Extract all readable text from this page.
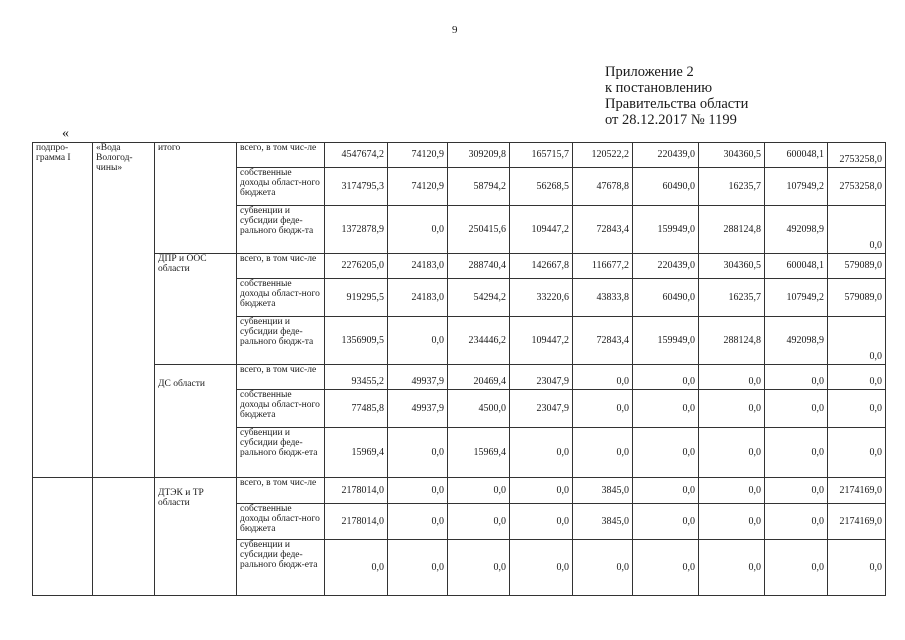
9
Приложение 2
к постановлению
Правительства области
от 28.12.2017 № 1199
«
подпро-грамма I	«Вода Вологод-чины»	итого	всего, в том чис-ле	4547674,2	74120,9	309209,8	165715,7	120522,2	220439,0	304360,5	600048,1	2753258,0
			собственные доходы област-ного бюджета	3174795,3	74120,9	58794,2	56268,5	47678,8	60490,0	16235,7	107949,2	2753258,0
			субвенции и субсидии феде-рального бюдж-та	1372878,9	0,0	250415,6	109447,2	72843,4	159949,0	288124,8	492098,9	0,0
		ДПР и ООС области	всего, в том чис-ле	2276205,0	24183,0	288740,4	142667,8	116677,2	220439,0	304360,5	600048,1	579089,0
			собственные доходы област-ного бюджета	919295,5	24183,0	54294,2	33220,6	43833,8	60490,0	16235,7	107949,2	579089,0
			субвенции и субсидии феде-рального бюдж-та	1356909,5	0,0	234446,2	109447,2	72843,4	159949,0	288124,8	492098,9	0,0
		ДС области	всего, в том чис-ле	93455,2	49937,9	20469,4	23047,9	0,0	0,0	0,0	0,0	0,0
			собственные доходы област-ного бюджета	77485,8	49937,9	4500,0	23047,9	0,0	0,0	0,0	0,0	0,0
			субвенции и субсидии феде-рального бюдж-ета	15969,4	0,0	15969,4	0,0	0,0	0,0	0,0	0,0	0,0
		ДТЭК и ТР области	всего, в том чис-ле	2178014,0	0,0	0,0	0,0	3845,0	0,0	0,0	0,0	2174169,0
			собственные доходы област-ного бюджета	2178014,0	0,0	0,0	0,0	3845,0	0,0	0,0	0,0	2174169,0
			субвенции и субсидии феде-рального бюдж-ета	0,0	0,0	0,0	0,0	0,0	0,0	0,0	0,0	0,0
